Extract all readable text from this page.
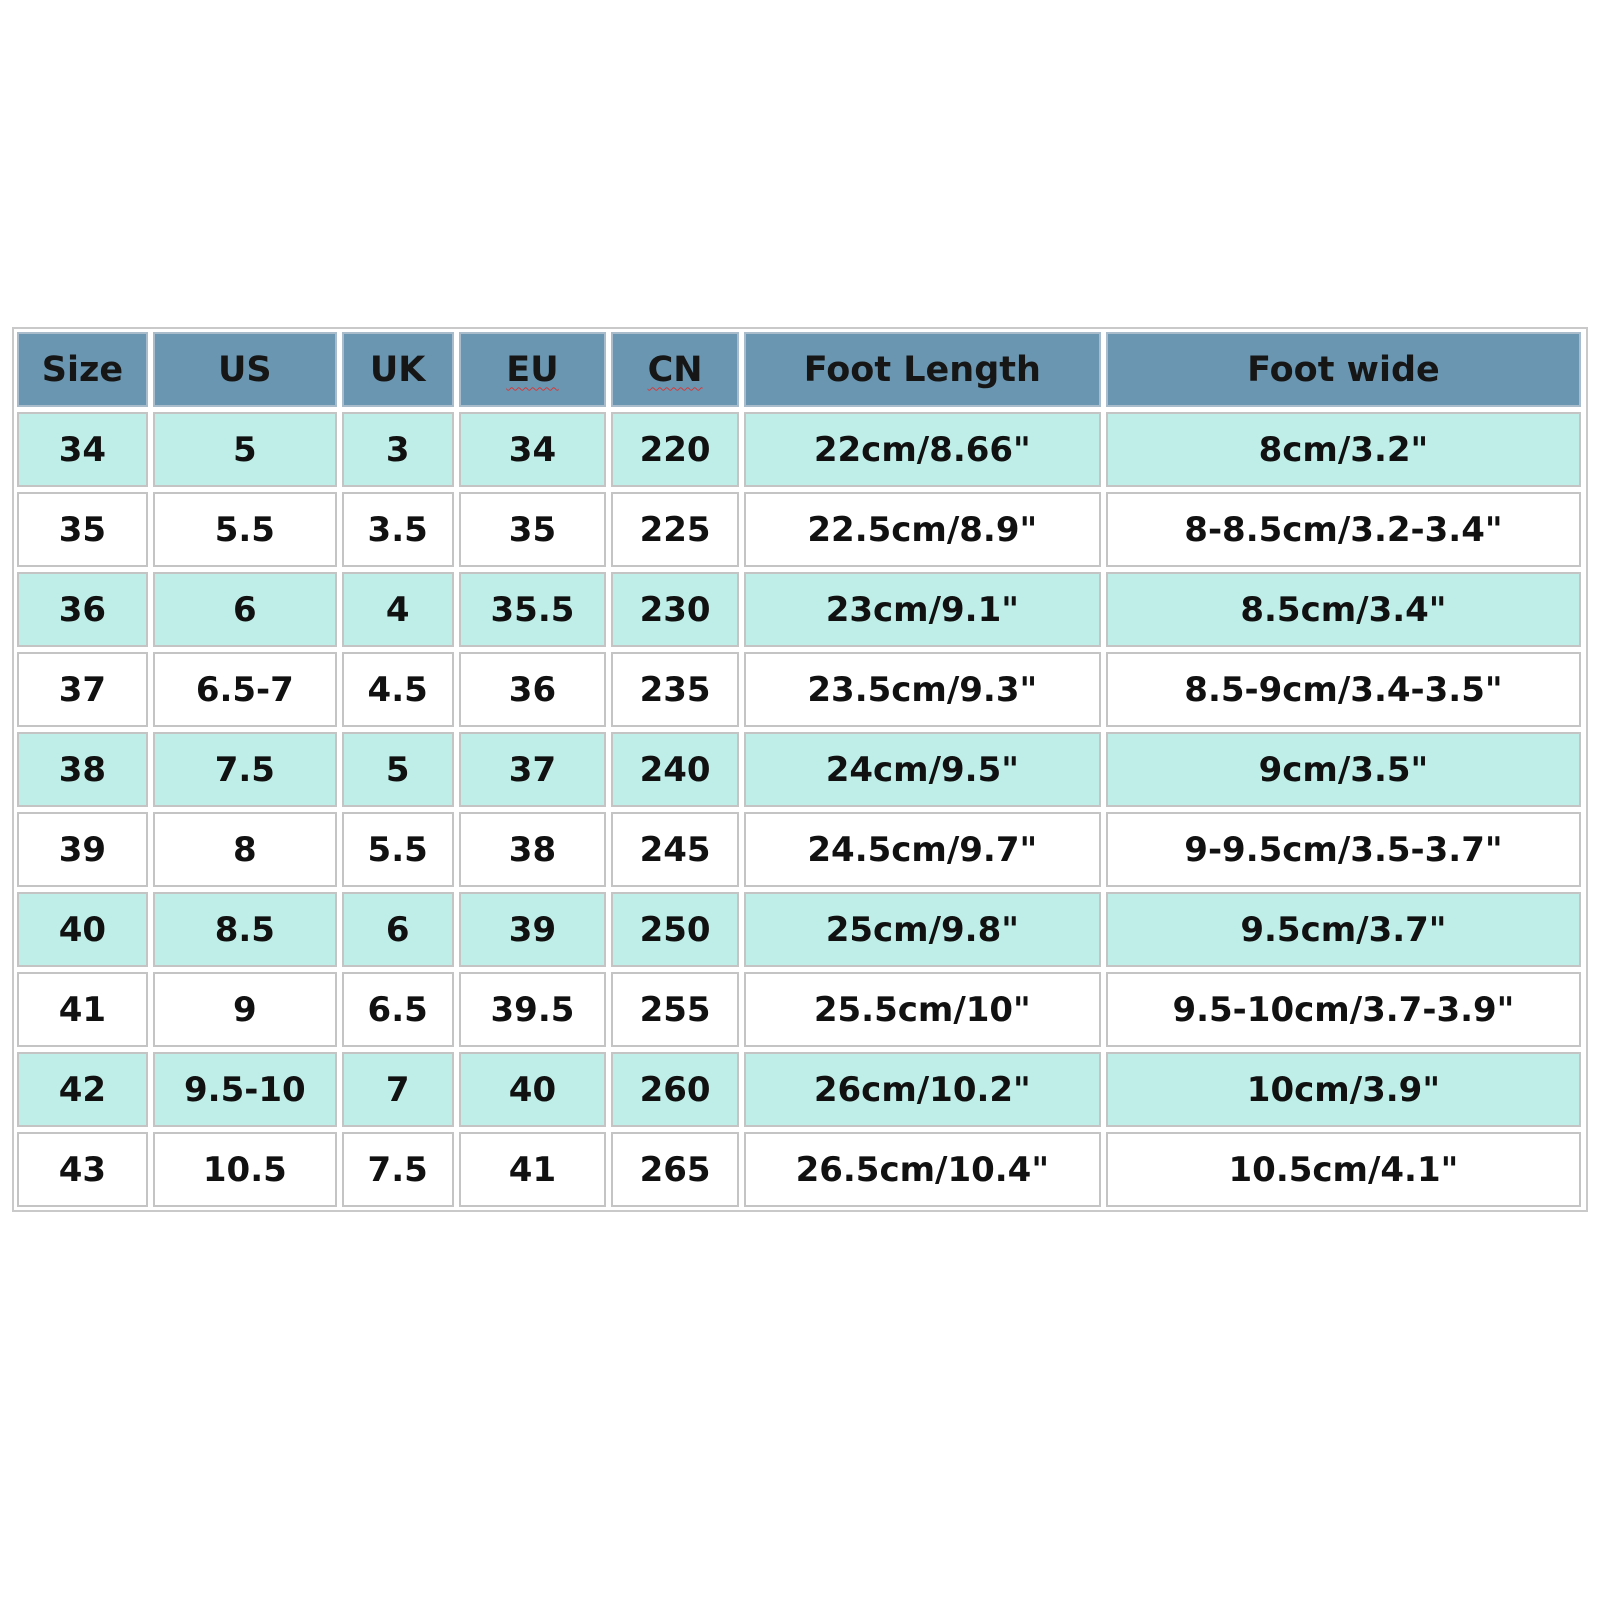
Size	US	UK	EU	CN	Foot Length	Foot wide
34	5	3	34	220	22cm/8.66"	8cm/3.2"
35	5.5	3.5	35	225	22.5cm/8.9"	8-8.5cm/3.2-3.4"
36	6	4	35.5	230	23cm/9.1"	8.5cm/3.4"
37	6.5-7	4.5	36	235	23.5cm/9.3"	8.5-9cm/3.4-3.5"
38	7.5	5	37	240	24cm/9.5"	9cm/3.5"
39	8	5.5	38	245	24.5cm/9.7"	9-9.5cm/3.5-3.7"
40	8.5	6	39	250	25cm/9.8"	9.5cm/3.7"
41	9	6.5	39.5	255	25.5cm/10"	9.5-10cm/3.7-3.9"
42	9.5-10	7	40	260	26cm/10.2"	10cm/3.9"
43	10.5	7.5	41	265	26.5cm/10.4"	10.5cm/4.1"
